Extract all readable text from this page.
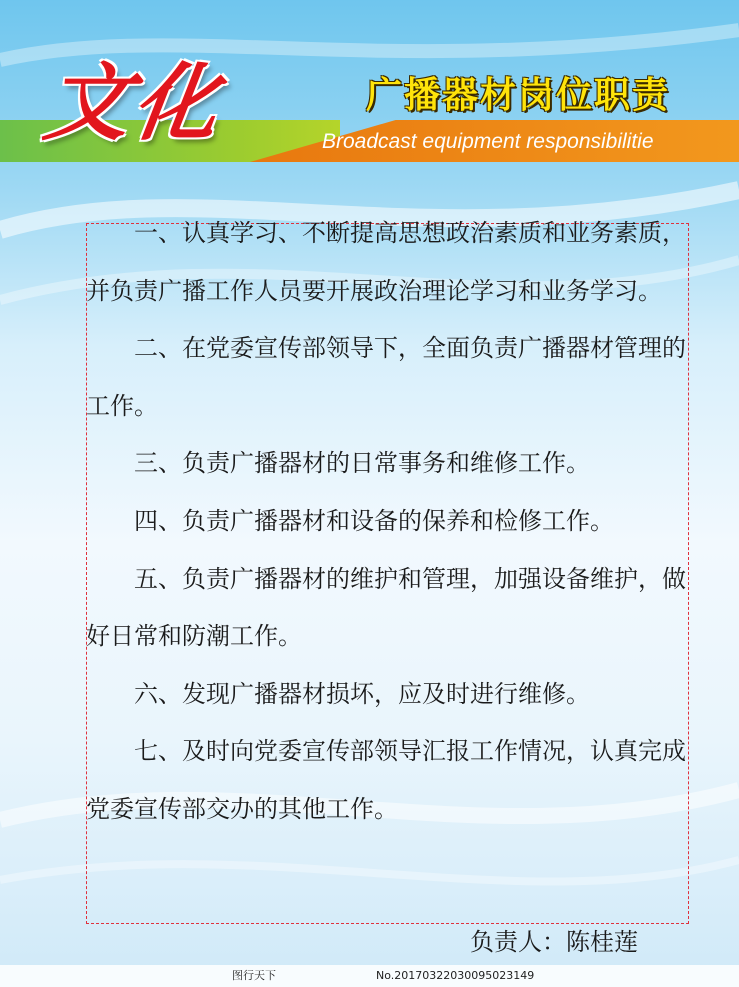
文化	广播器材岗位职责
Broadcast equipment responsibilitie

一、认真学习、不断提高思想政治素质和业务素质，并负责广播工作人员要开展政治理论学习和业务学习。

二、在党委宣传部领导下，全面负责广播器材管理的工作。

三、负责广播器材的日常事务和维修工作。

四、负责广播器材和设备的保养和检修工作。

五、负责广播器材的维护和管理，加强设备维护，做好日常和防潮工作。

六、发现广播器材损坏，应及时进行维修。

七、及时向党委宣传部领导汇报工作情况，认真完成党委宣传部交办的其他工作。

负责人：陈桂莲
图行天下	No.20170322030095023149
